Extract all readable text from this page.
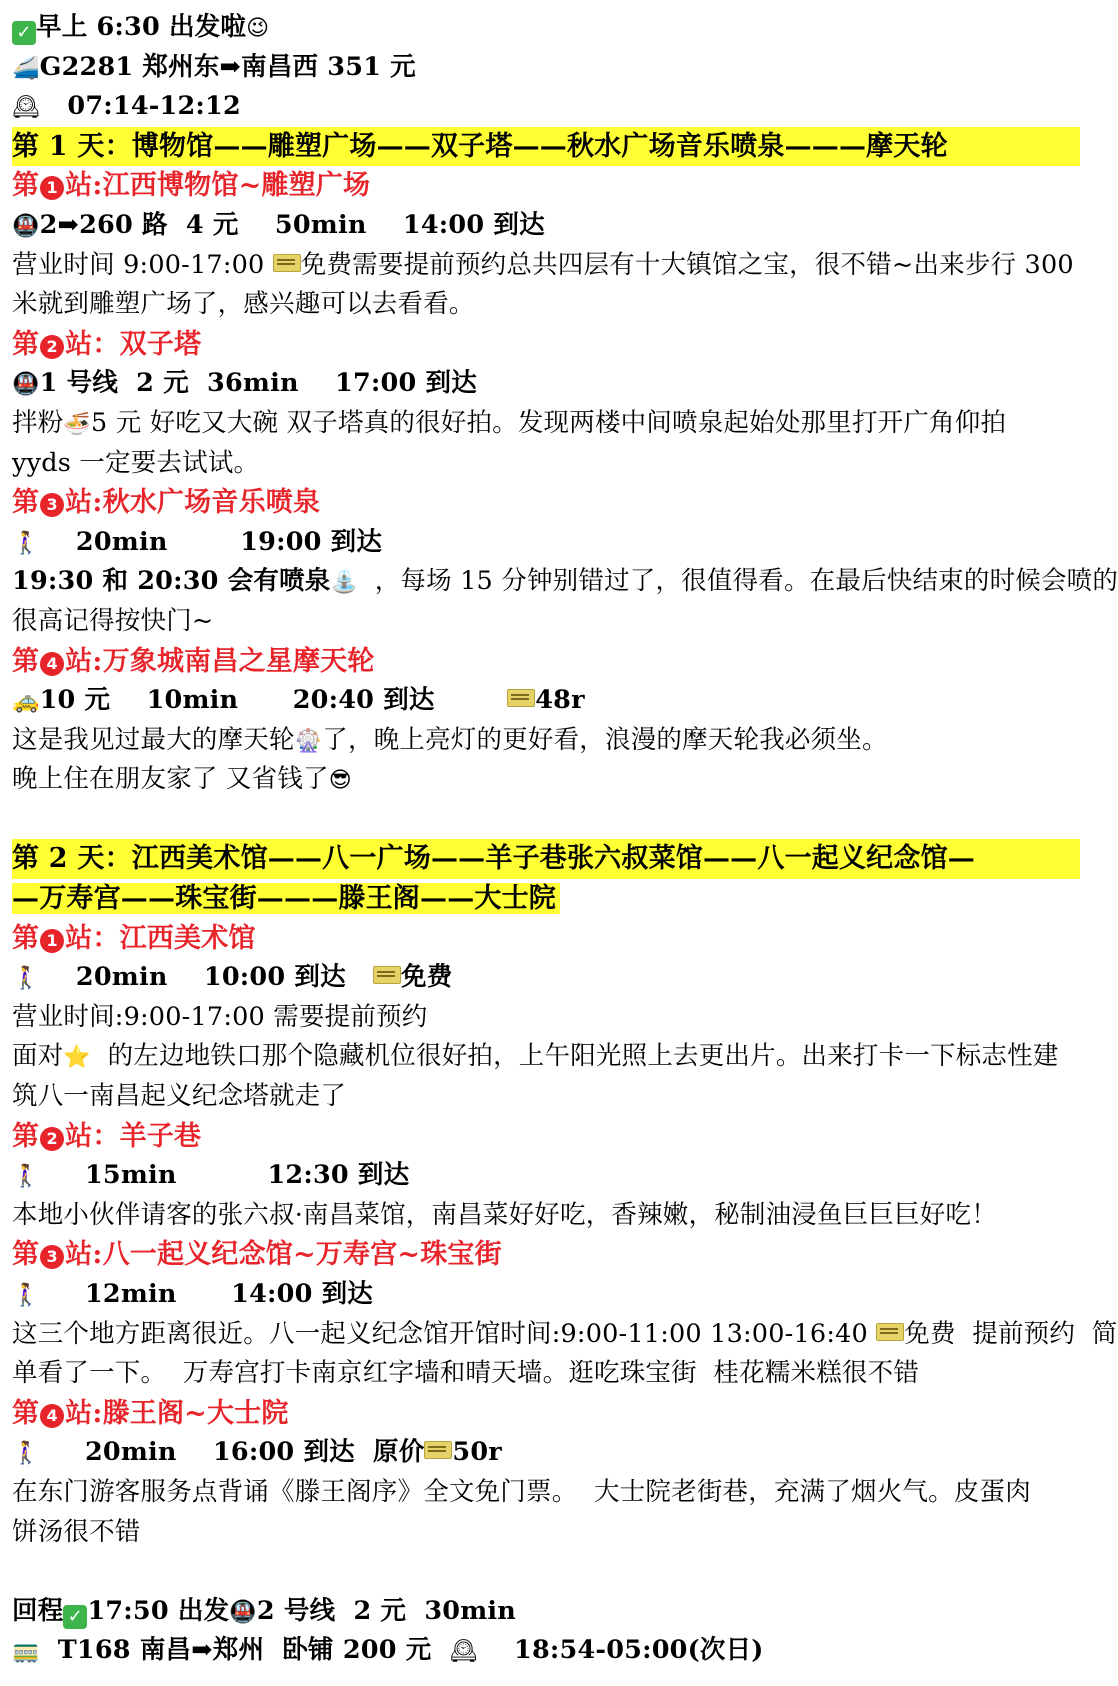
✓ 早上 6:30 出发啦😉
🚄G2281 郑州东➡南昌西 351 元
🕰   07:14-12:12
第 1 天：博物馆——雕塑广场——双子塔——秋水广场音乐喷泉———摩天轮
第 1 站:江西博物馆~雕塑广场
🚇2➡260 路  4 元    50min    14:00 到达
营业时间 9:00-17:00 免费需要提前预约总共四层有十大镇馆之宝，很不错~出来步行 300
米就到雕塑广场了，感兴趣可以去看看。
第 2 站：双子塔
🚇1 号线  2 元  36min    17:00 到达
拌粉🍜5 元 好吃又大碗 双子塔真的很好拍。发现两楼中间喷泉起始处那里打开广角仰拍
yyds 一定要去试试。
第 3 站:秋水广场音乐喷泉
🚶‍♀    20min        19:00 到达
19:30 和 20:30 会有喷泉⛲  ，每场 15 分钟别错过了，很值得看。在最后快结束的时候会喷的
很高记得按快门~
第 4 站:万象城南昌之星摩天轮
🚕10 元    10min      20:40 到达        48r
这是我见过最大的摩天轮🎡了，晚上亮灯的更好看，浪漫的摩天轮我必须坐。
晚上住在朋友家了 又省钱了😎
第 2 天：江西美术馆——八一广场——羊子巷张六叔菜馆——八一起义纪念馆—
—万寿宫——珠宝街———滕王阁——大士院
第 1 站：江西美术馆
🚶‍♀    20min    10:00 到达   免费
营业时间:9:00-17:00 需要提前预约
面对⭐  的左边地铁口那个隐藏机位很好拍，上午阳光照上去更出片。出来打卡一下标志性建
筑八一南昌起义纪念塔就走了
第 2 站：羊子巷
🚶‍♀     15min          12:30 到达
本地小伙伴请客的张六叔·南昌菜馆，南昌菜好好吃，香辣嫩，秘制油浸鱼巨巨巨好吃！
第 3 站:八一起义纪念馆~万寿宫~珠宝街
🚶‍♀     12min      14:00 到达
这三个地方距离很近。八一起义纪念馆开馆时间:9:00-11:00 13:00-16:40 免费  提前预约  简
单看了一下。  万寿宫打卡南京红字墙和晴天墙。逛吃珠宝街  桂花糯米糕很不错
第 4 站:滕王阁~大士院
🚶‍♀     20min    16:00 到达  原价 50r
在东门游客服务点背诵《滕王阁序》全文免门票。  大士院老街巷，充满了烟火气。皮蛋肉
饼汤很不错
回程 ✓ 17:50 出发🚇2 号线  2 元  30min
🚃  T168 南昌➡郑州  卧铺 200 元  🕰    18:54-05:00(次日)
